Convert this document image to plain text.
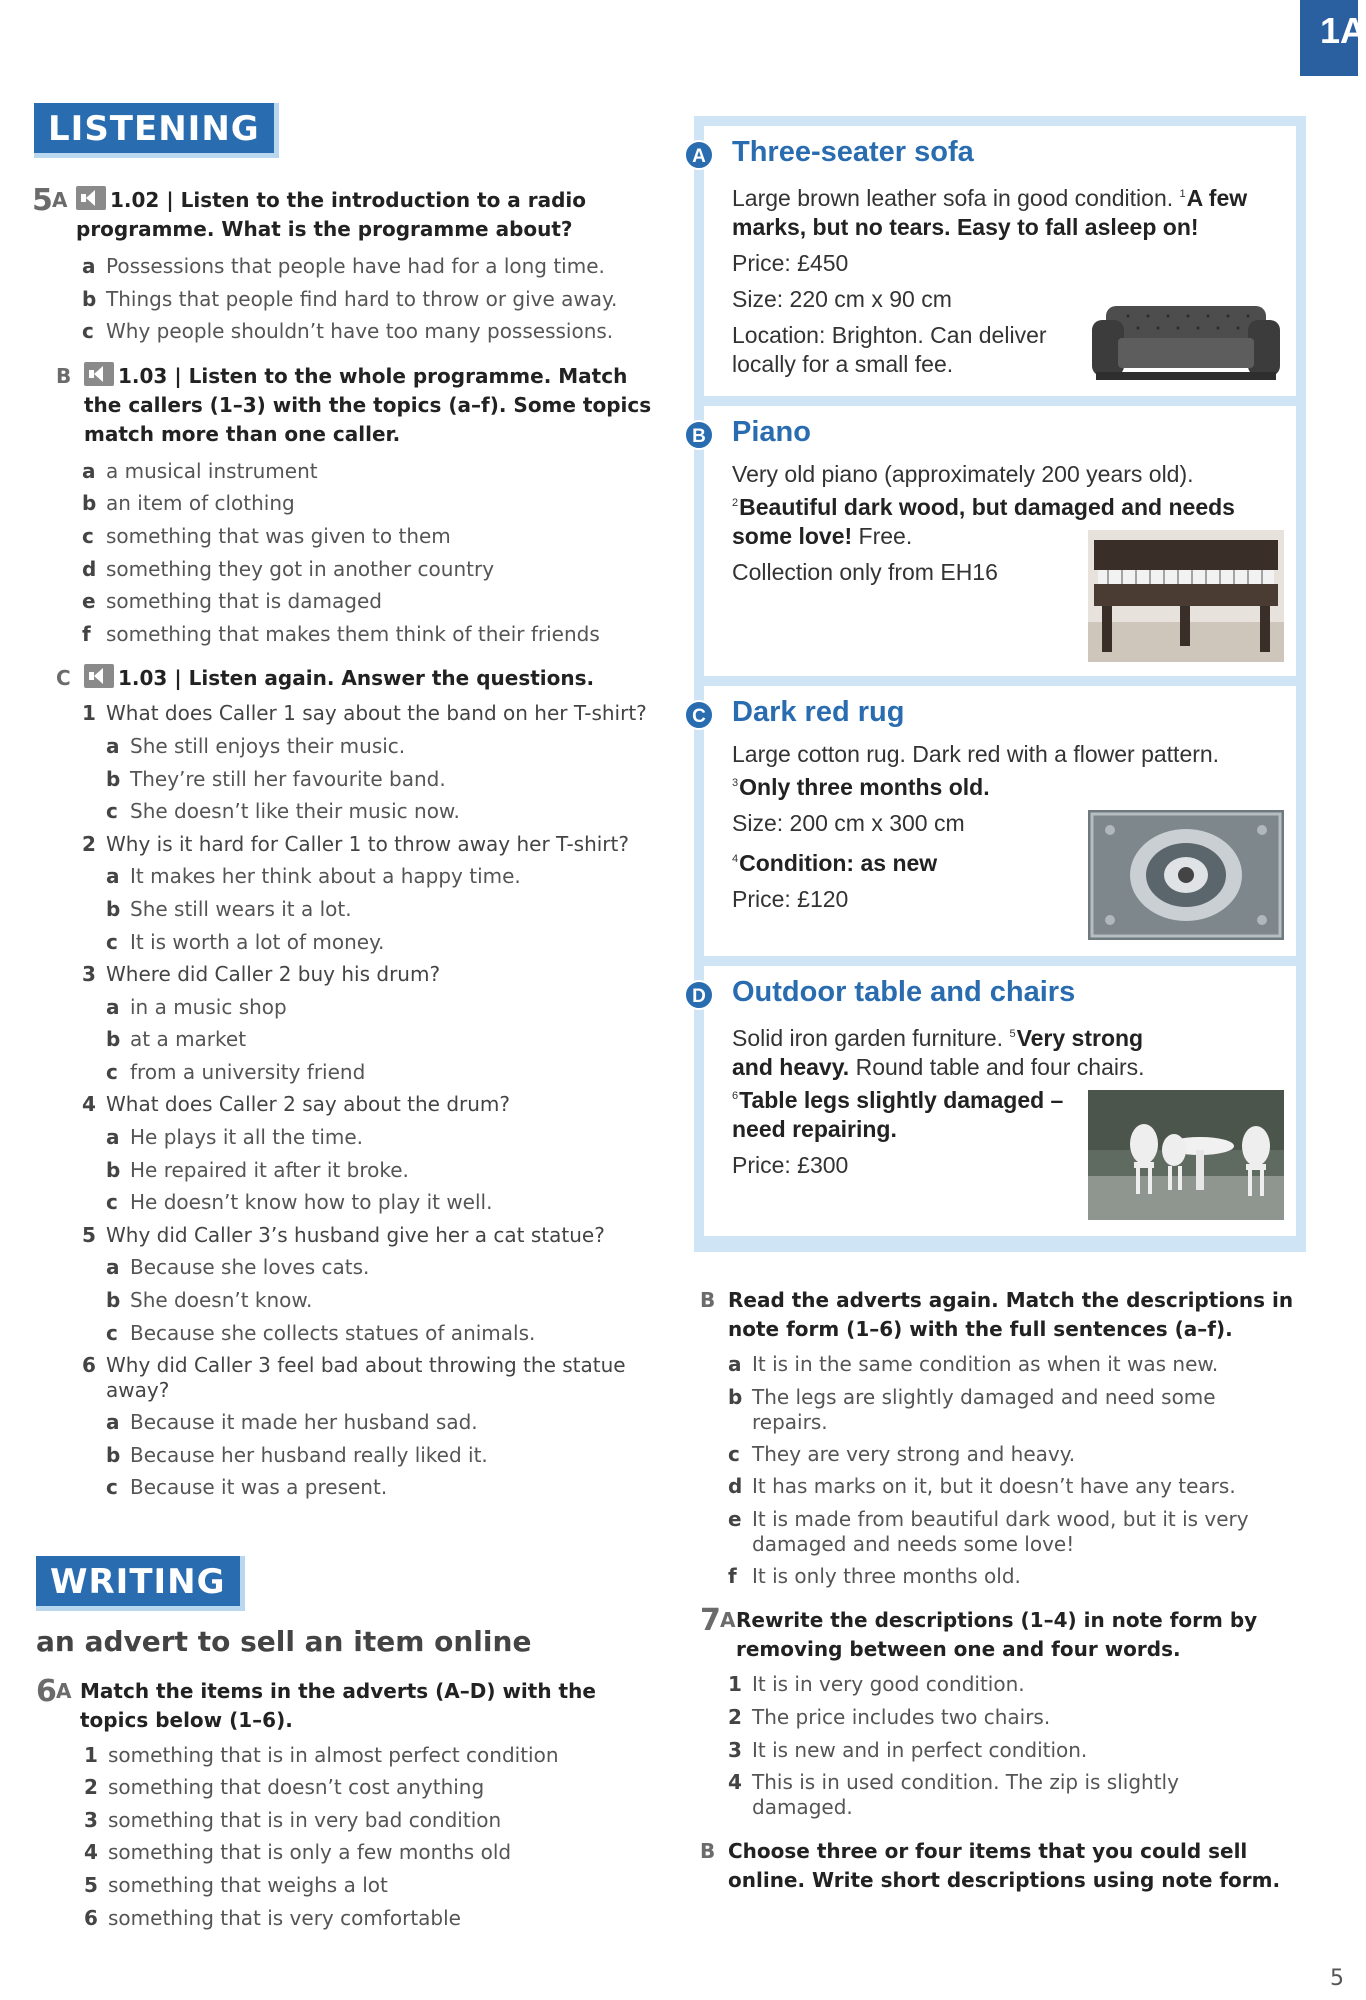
1A
LISTENING
5 A	1.02 | Listen to the introduction to a radio programme. What is the programme about?
a Possessions that people have had for a long time.
b Things that people find hard to throw or give away.
c Why people shouldn’t have too many possessions.
B	1.03 | Listen to the whole programme. Match the callers (1–3) with the topics (a–f). Some topics match more than one caller.
a a musical instrument
b an item of clothing
c something that was given to them
d something they got in another country
e something that is damaged
f something that makes them think of their friends
C	1.03 | Listen again. Answer the questions.
1 What does Caller 1 say about the band on her T-shirt?
a She still enjoys their music.
b They’re still her favourite band.
c She doesn’t like their music now.
2 Why is it hard for Caller 1 to throw away her T-shirt?
a It makes her think about a happy time.
b She still wears it a lot.
c It is worth a lot of money.
3 Where did Caller 2 buy his drum?
a in a music shop
b at a market
c from a university friend
4 What does Caller 2 say about the drum?
a He plays it all the time.
b He repaired it after it broke.
c He doesn’t know how to play it well.
5 Why did Caller 3’s husband give her a cat statue?
a Because she loves cats.
b She doesn’t know.
c Because she collects statues of animals.
6 Why did Caller 3 feel bad about throwing the statue away?
a Because it made her husband sad.
b Because her husband really liked it.
c Because it was a present.
WRITING
an advert to sell an item online
6 A Match the items in the adverts (A–D) with the topics below (1–6).
1 something that is in almost perfect condition
2 something that doesn’t cost anything
3 something that is in very bad condition
4 something that is only a few months old
5 something that weighs a lot
6 something that is very comfortable
A Three-seater sofa

Large brown leather sofa in good condition. $^1$A few marks, but no tears. Easy to fall asleep on!

Price: £450

Size: 220 cm x 90 cm

Location: Brighton. Can deliver locally for a small fee.

B Piano

Very old piano (approximately 200 years old).

$^2$Beautiful dark wood, but damaged and needs some love! Free.

Collection only from EH16

C Dark red rug

Large cotton rug. Dark red with a flower pattern.

$^3$Only three months old.

Size: 200 cm x 300 cm

$^4$Condition: as new

Price: £120

D Outdoor table and chairs

Solid iron garden furniture. $^5$Very strong and heavy. Round table and four chairs.

$^6$Table legs slightly damaged – need repairing.

Price: £300

B Read the adverts again. Match the descriptions in note form (1–6) with the full sentences (a–f).
a It is in the same condition as when it was new.
b The legs are slightly damaged and need some repairs.
c They are very strong and heavy.
d It has marks on it, but it doesn’t have any tears.
e It is made from beautiful dark wood, but it is very damaged and needs some love!
f It is only three months old.
7 A Rewrite the descriptions (1–4) in note form by removing between one and four words.
1 It is in very good condition.
2 The price includes two chairs.
3 It is new and in perfect condition.
4 This is in used condition. The zip is slightly damaged.
B Choose three or four items that you could sell online. Write short descriptions using note form.
5
